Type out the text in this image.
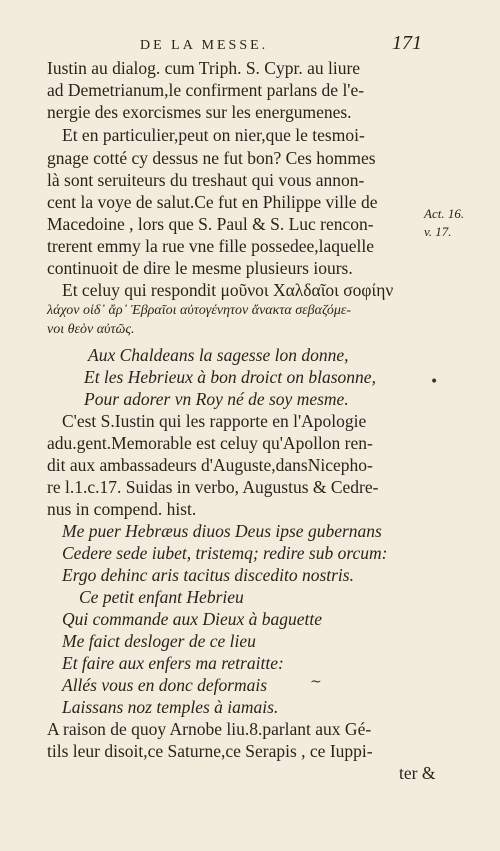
DE LA MESSE.	171
Act. 16.
v. 17.
Iustin au dialog. cum Triph. S. Cypr. au liure
ad Demetrianum,le confirment parlans de l'e-
nergie des exorcismes sur les energumenes.
Et en particulier,peut on nier,que le tesmoi-
gnage cotté cy dessus ne fut bon? Ces hommes
là sont seruiteurs du treshaut qui vous annon-
cent la voye de salut.Ce fut en Philippe ville de
Macedoine , lors que S. Paul & S. Luc rencon-
trerent emmy la rue vne fille possedee,laquelle
continuoit de dire le mesme plusieurs iours.
Et celuy qui respondit μοῦνοι Χαλδαῖοι σοφίην
λάχον οἱδ᾽ ἄρ᾽ Ἑβραῖοι αὐτογένητον ἄνακτα σεβαζόμε-
νοι θεὸν αὐτῶς.
Aux Chaldeans la sagesse lon donne,
Et les Hebrieux à bon droict on blasonne,
Pour adorer vn Roy né de soy mesme.
C'est S.Iustin qui les rapporte en l'Apologie
adu.gent.Memorable est celuy qu'Apollon ren-
dit aux ambassadeurs d'Auguste,dansNicepho-
re l.1.c.17. Suidas in verbo, Augustus & Cedre-
nus in compend. hist.
Me puer Hebræus diuos Deus ipse gubernans
Cedere sede iubet, tristemq; redire sub orcum:
Ergo dehinc aris tacitus discedito nostris.
Ce petit enfant Hebrieu
Qui commande aux Dieux à baguette
Me faict desloger de ce lieu
Et faire aux enfers ma retraitte:
Allés vous en donc deformais
Laissans noz temples à iamais.
A raison de quoy Arnobe liu.8.parlant aux Gé-
tils leur disoit,ce Saturne,ce Serapis , ce Iuppi-
ter &
•
~
